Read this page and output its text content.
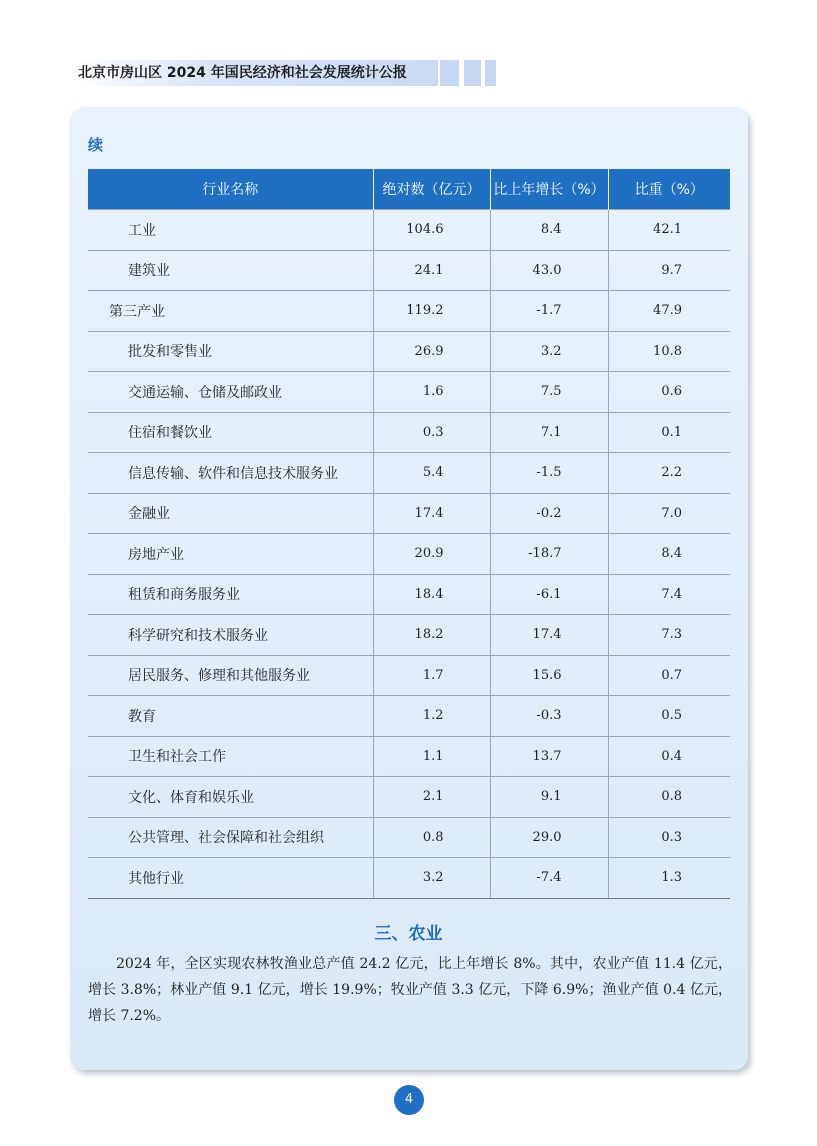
北京市房山区 2024 年国民经济和社会发展统计公报
续
行业名称	绝对数（亿元）	比上年增长（%）	比重（%）
工业	104.6	8.4	42.1
建筑业	24.1	43.0	9.7
第三产业	119.2	-1.7	47.9
批发和零售业	26.9	3.2	10.8
交通运输、仓储及邮政业	1.6	7.5	0.6
住宿和餐饮业	0.3	7.1	0.1
信息传输、软件和信息技术服务业	5.4	-1.5	2.2
金融业	17.4	-0.2	7.0
房地产业	20.9	-18.7	8.4
租赁和商务服务业	18.4	-6.1	7.4
科学研究和技术服务业	18.2	17.4	7.3
居民服务、修理和其他服务业	1.7	15.6	0.7
教育	1.2	-0.3	0.5
卫生和社会工作	1.1	13.7	0.4
文化、体育和娱乐业	2.1	9.1	0.8
公共管理、社会保障和社会组织	0.8	29.0	0.3
其他行业	3.2	-7.4	1.3
三、农业
2024 年，全区实现农林牧渔业总产值 24.2 亿元，比上年增长 8%。其中，农业产值 11.4 亿元，增长 3.8%；林业产值 9.1 亿元，增长 19.9%；牧业产值 3.3 亿元，下降 6.9%；渔业产值 0.4 亿元，增长 7.2%。
4
